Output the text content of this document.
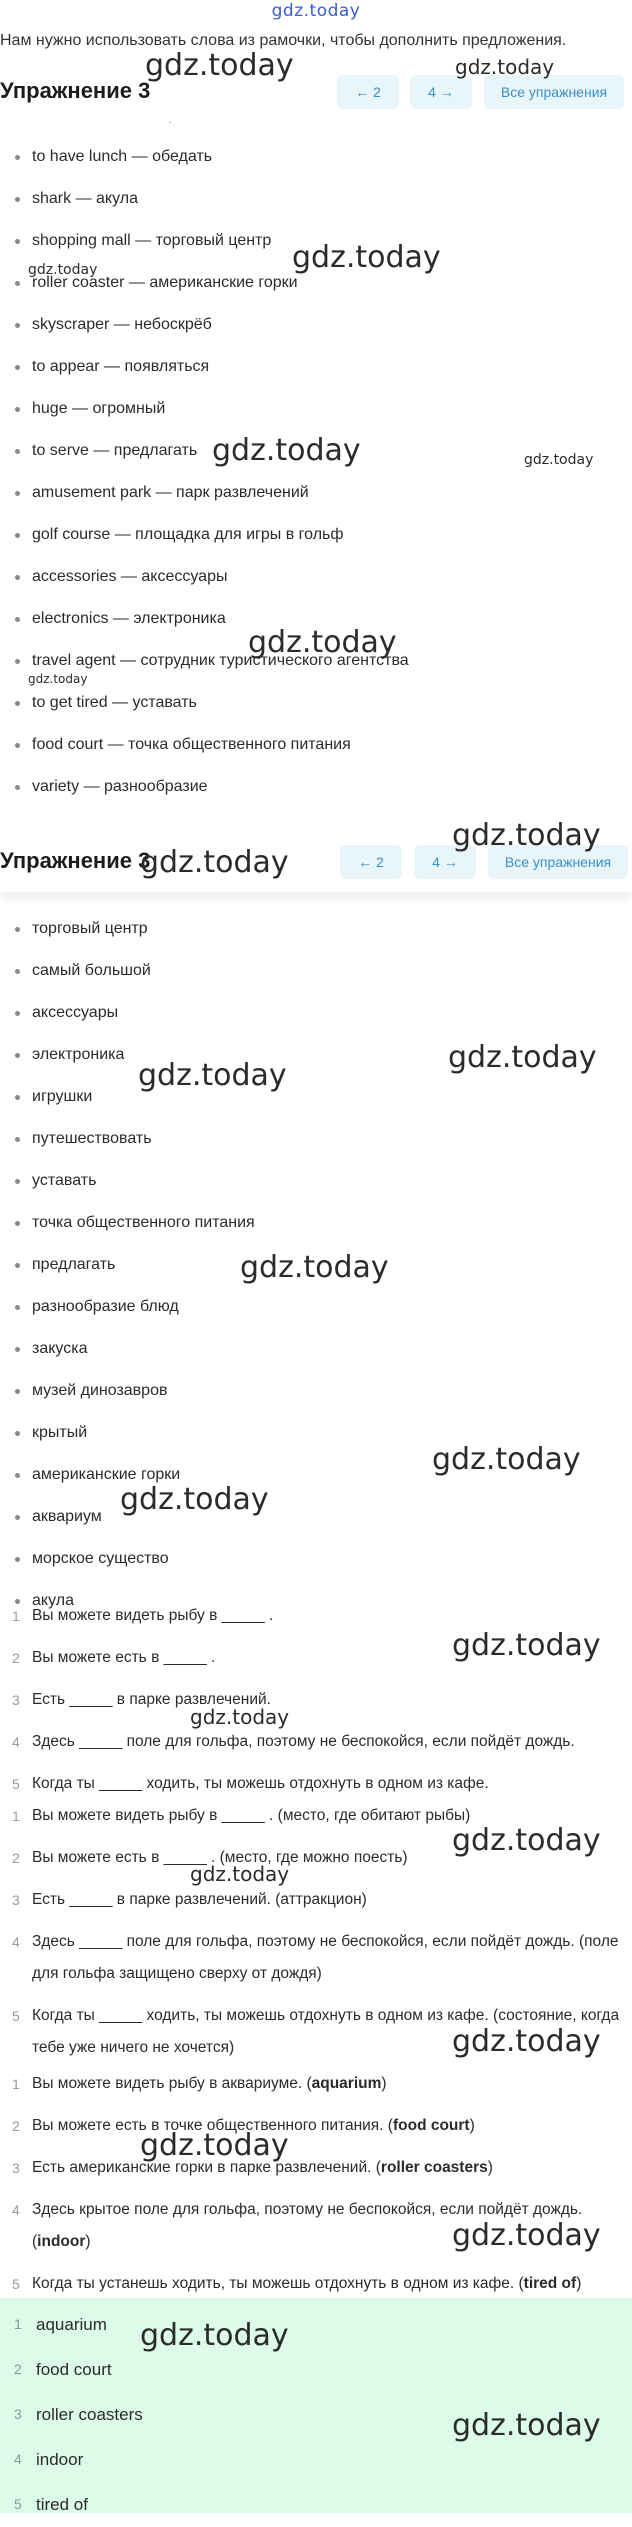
gdz.today
Нам нужно использовать слова из рамочки, чтобы дополнить предложения.
to have lunch — обедать
shark — акула
shopping mall — торговый центр
roller coaster — американские горки
skyscraper — небоскрёб
to appear — появляться
huge — огромный
to serve — предлагать
amusement park — парк развлечений
golf course — площадка для игры в гольф
accessories — аксессуары
electronics — электроника
travel agent — сотрудник туристического агентства
to get tired — уставать
food court — точка общественного питания
variety — разнообразие
Упражнение 3	← 2	4 →	Все упражнения
торговый центр
самый большой
аксессуары
электроника
игрушки
путешествовать
уставать
точка общественного питания
предлагать
разнообразие блюд
закуска
музей динозавров
крытый
американские горки
аквариум
морское существо
акула
Упражнение 3	← 2	4 →	Все упражнения
1 Вы можете видеть рыбу в _____ .
2 Вы можете есть в _____ .
3 Есть _____ в парке развлечений.
4 Здесь _____ поле для гольфа, поэтому не беспокойся, если пойдёт дождь.
5 Когда ты _____ ходить, ты можешь отдохнуть в одном из кафе.
1 Вы можете видеть рыбу в _____ . (место, где обитают рыбы)
2 Вы можете есть в _____ . (место, где можно поесть)
3 Есть _____ в парке развлечений. (аттракцион)
4 Здесь _____ поле для гольфа, поэтому не беспокойся, если пойдёт дождь. (поле для гольфа защищено сверху от дождя)
5 Когда ты _____ ходить, ты можешь отдохнуть в одном из кафе. (состояние, когда тебе уже ничего не хочется)
1 Вы можете видеть рыбу в аквариуме. (aquarium)
2 Вы можете есть в точке общественного питания. (food court)
3 Есть американские горки в парке развлечений. (roller coasters)
4 Здесь крытое поле для гольфа, поэтому не беспокойся, если пойдёт дождь. (indoor)
5 Когда ты устанешь ходить, ты можешь отдохнуть в одном из кафе. (tired of)
1 aquarium
2 food court
3 roller coasters
4 indoor
5 tired of
gdz.today	gdz.today
gdz.today
gdz.today
gdz.today	gdz.today
gdz.today
gdz.today
gdz.today
gdz.today
gdz.today
gdz.today
gdz.today
gdz.today
gdz.today
gdz.today
gdz.today
gdz.today
gdz.today
gdz.today
gdz.today
gdz.today
gdz.today
gdz.today
